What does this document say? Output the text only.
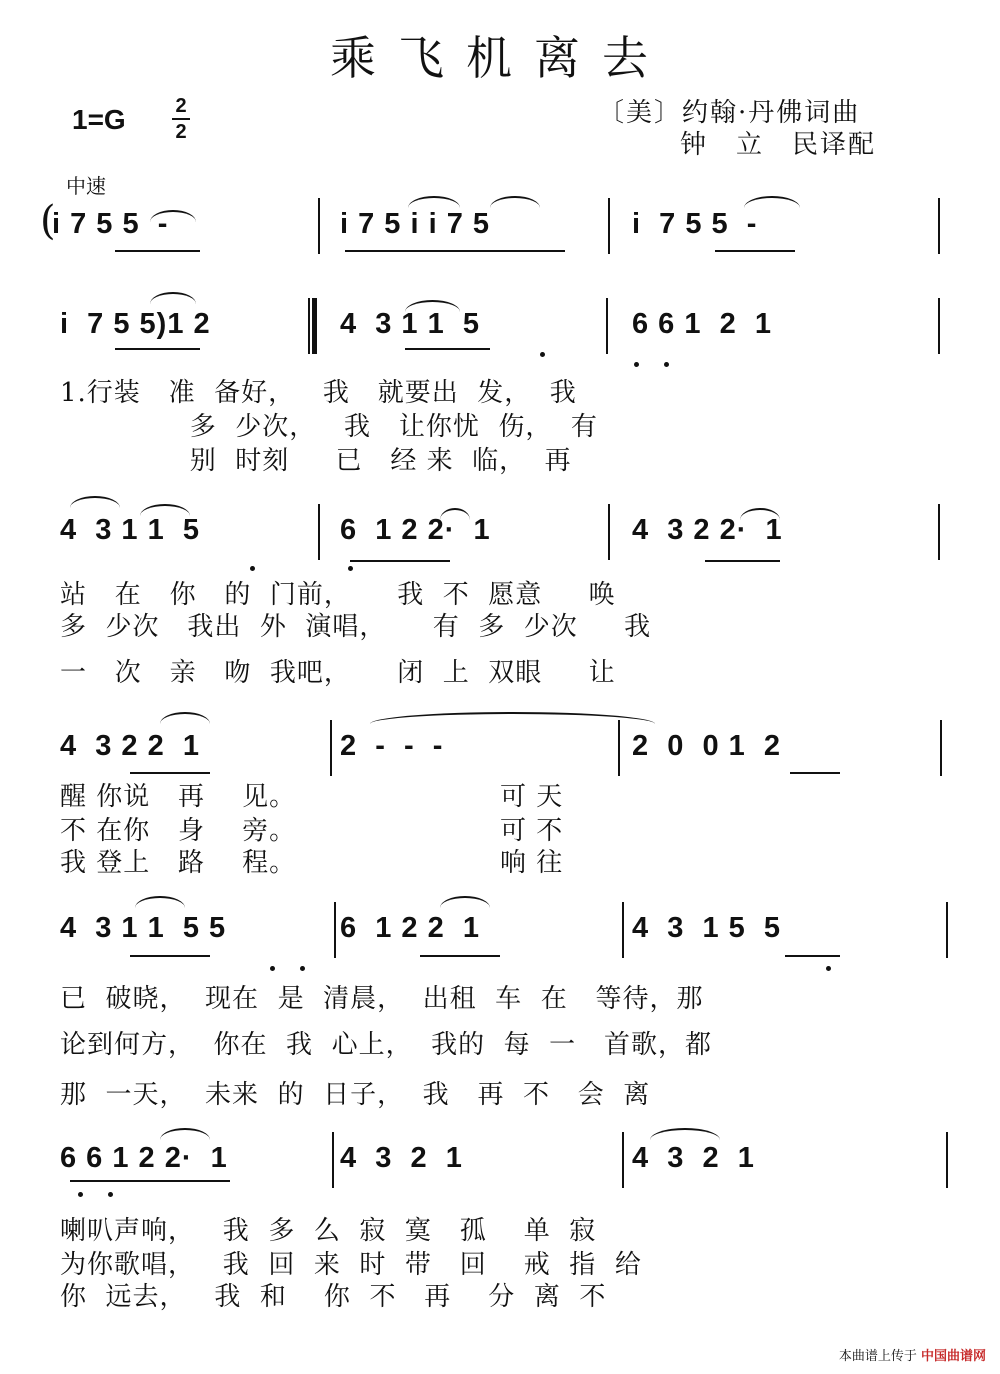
乘飞机离去
1=G 2
2
〔美〕约翰·丹佛词曲
钟　立　民译配
中速
i 7 5 5  -	i 7 5 i i 7 5	i  7 5 5  -
i  7 5 5)1 2	4  3 1 1  5	6 6 1  2  1
1.行装   准  备好，   我   就要出  发，  我
多  少次，   我   让你忧  伤，  有
别  时刻     已   经 来  临，  再
4  3 1 1  5	6  1 2 2·  1	4  3 2 2·  1
站   在   你   的  门前，     我  不  愿意     唤
多  少次   我出  外  演唱，     有  多  少次     我
一   次   亲   吻  我吧，     闭  上  双眼     让
4  3 2 2  1	2  -  -  -	2  0  0 1  2
醒 你说   再    见。                      可 天
不 在你   身    旁。                      可 不
我 登上   路    程。                      响 往
4  3 1 1  5 5	6  1 2 2  1	4  3  1 5  5
已  破晓，  现在  是  清晨，  出租  车  在   等待，那
论到何方，  你在  我  心上，  我的  每  一   首歌，都
那  一天，  未来  的  日子，  我   再  不   会  离
6 6 1 2 2·  1	4  3  2  1	4  3  2  1
喇叭声响，   我  多  么  寂  寞   孤    单  寂
为你歌唱，   我  回  来  时  带   回    戒  指  给
你  远去，   我  和    你  不   再    分  离  不
(
本曲谱上传于 中国曲谱网
